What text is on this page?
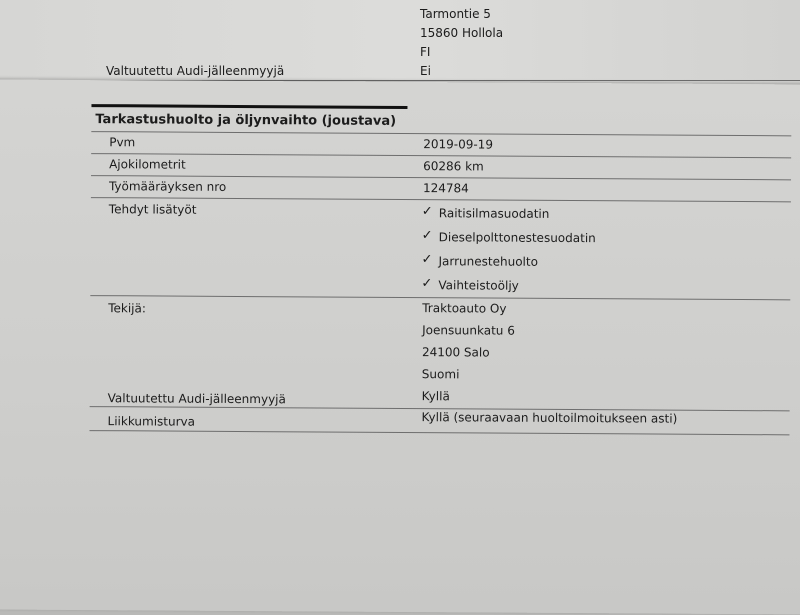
Tarmontie 5
15860 Hollola
FI
Valtuutettu Audi-jälleenmyyjä	Ei
Tarkastushuolto ja öljynvaihto (joustava)
Pvm	2019-09-19
Ajokilometrit	60286 km
Työmääräyksen nro	124784
Tehdyt lisätyöt	✓ Raitisilmasuodatin
✓ Dieselpolttonestesuodatin
✓ Jarrunestehuolto
✓ Vaihteistoöljy
Tekijä:	Traktoauto Oy
Joensuunkatu 6
24100 Salo
Suomi
Valtuutettu Audi-jälleenmyyjä	Kyllä
Liikkumisturva	Kyllä (seuraavaan huoltoilmoitukseen asti)
